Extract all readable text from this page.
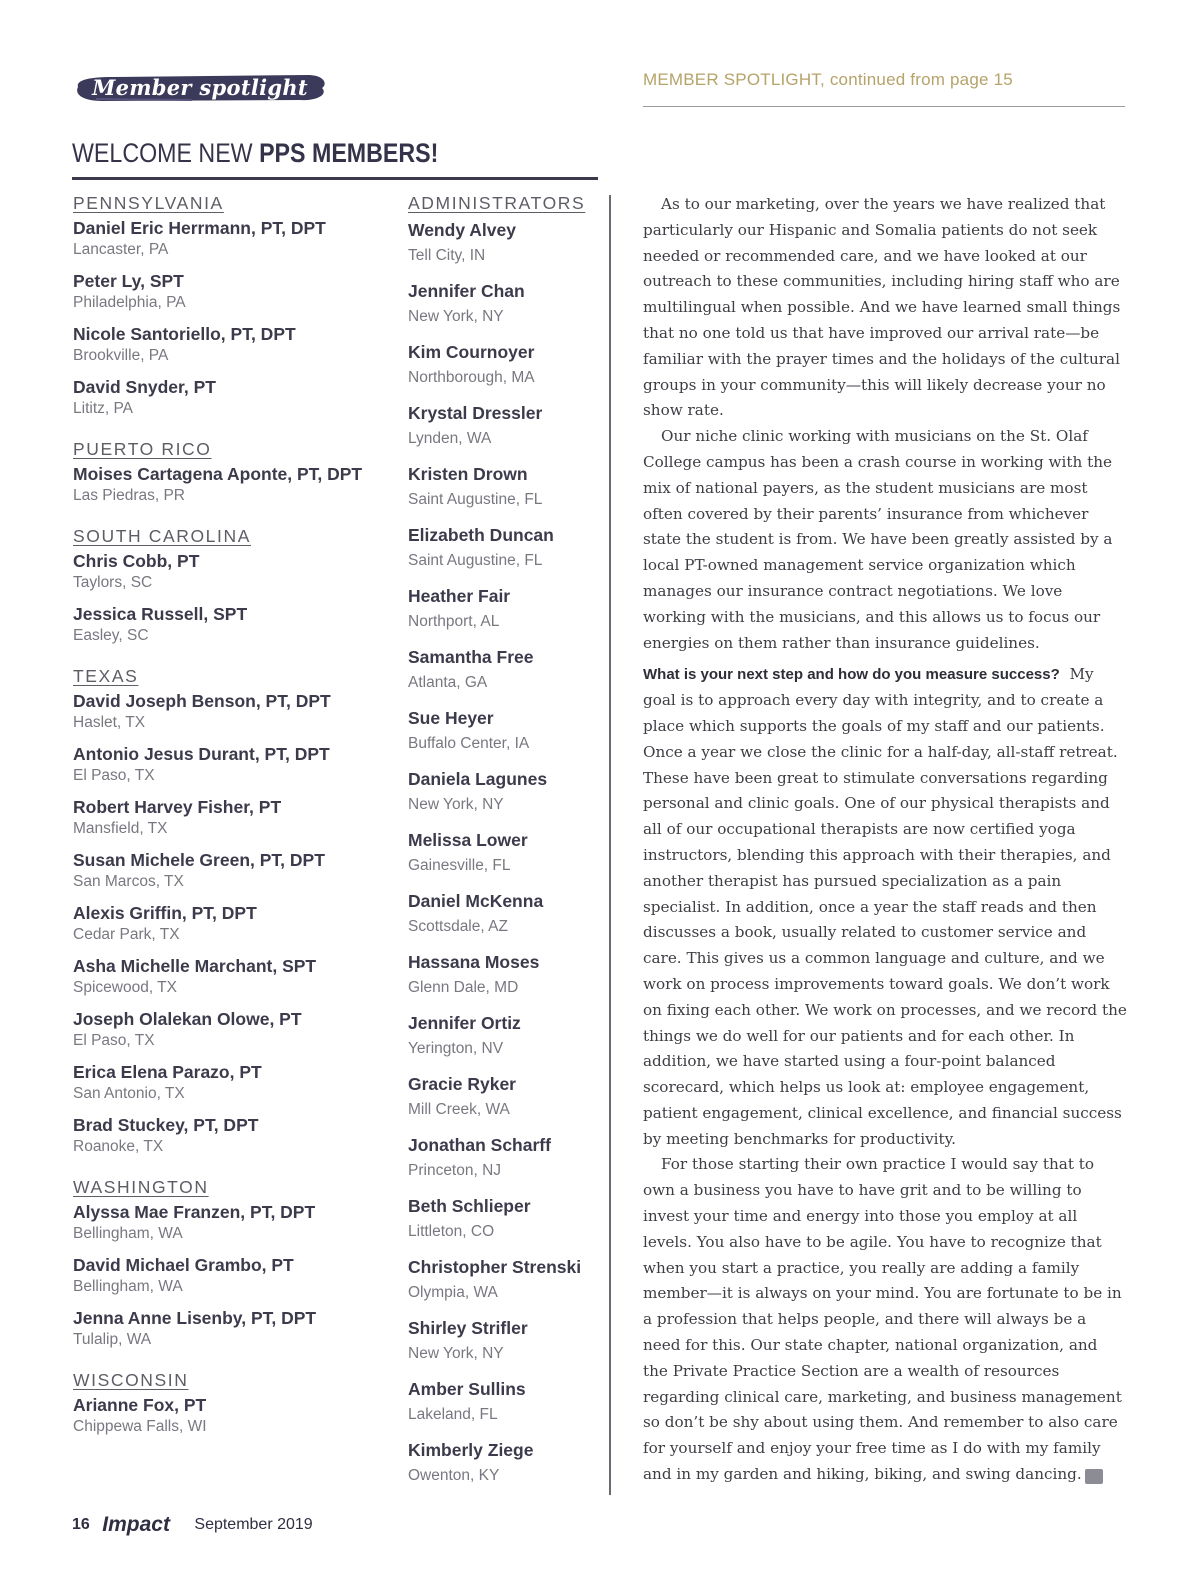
Member spotlight	MEMBER SPOTLIGHT, continued from page 15
WELCOME NEW PPS MEMBERS!
PENNSYLVANIA
Daniel Eric Herrmann, PT, DPT
Lancaster, PA
Peter Ly, SPT
Philadelphia, PA
Nicole Santoriello, PT, DPT
Brookville, PA
David Snyder, PT
Lititz, PA
PUERTO RICO
Moises Cartagena Aponte, PT, DPT
Las Piedras, PR
SOUTH CAROLINA
Chris Cobb, PT
Taylors, SC
Jessica Russell, SPT
Easley, SC
TEXAS
David Joseph Benson, PT, DPT
Haslet, TX
Antonio Jesus Durant, PT, DPT
El Paso, TX
Robert Harvey Fisher, PT
Mansfield, TX
Susan Michele Green, PT, DPT
San Marcos, TX
Alexis Griffin, PT, DPT
Cedar Park, TX
Asha Michelle Marchant, SPT
Spicewood, TX
Joseph Olalekan Olowe, PT
El Paso, TX
Erica Elena Parazo, PT
San Antonio, TX
Brad Stuckey, PT, DPT
Roanoke, TX
WASHINGTON
Alyssa Mae Franzen, PT, DPT
Bellingham, WA
David Michael Grambo, PT
Bellingham, WA
Jenna Anne Lisenby, PT, DPT
Tulalip, WA
WISCONSIN
Arianne Fox, PT
Chippewa Falls, WI
ADMINISTRATORS
Wendy Alvey
Tell City, IN
Jennifer Chan
New York, NY
Kim Cournoyer
Northborough, MA
Krystal Dressler
Lynden, WA
Kristen Drown
Saint Augustine, FL
Elizabeth Duncan
Saint Augustine, FL
Heather Fair
Northport, AL
Samantha Free
Atlanta, GA
Sue Heyer
Buffalo Center, IA
Daniela Lagunes
New York, NY
Melissa Lower
Gainesville, FL
Daniel McKenna
Scottsdale, AZ
Hassana Moses
Glenn Dale, MD
Jennifer Ortiz
Yerington, NV
Gracie Ryker
Mill Creek, WA
Jonathan Scharff
Princeton, NJ
Beth Schlieper
Littleton, CO
Christopher Strenski
Olympia, WA
Shirley Strifler
New York, NY
Amber Sullins
Lakeland, FL
Kimberly Ziege
Owenton, KY

As to our marketing, over the years we have realized that particularly our Hispanic and Somalia patients do not seek needed or recommended care, and we have looked at our outreach to these communities, including hiring staff who are multilingual when possible. And we have learned small things that no one told us that have improved our arrival rate—be familiar with the prayer times and the holidays of the cultural groups in your community—this will likely decrease your no show rate.

Our niche clinic working with musicians on the St. Olaf College campus has been a crash course in working with the mix of national payers, as the student musicians are most often covered by their parents’ insurance from whichever state the student is from. We have been greatly assisted by a local PT-owned management service organization which manages our insurance contract negotiations. We love working with the musicians, and this allows us to focus our energies on them rather than insurance guidelines.

What is your next step and how do you measure success? My goal is to approach every day with integrity, and to create a place which supports the goals of my staff and our patients. Once a year we close the clinic for a half-day, all-staff retreat. These have been great to stimulate conversations regarding personal and clinic goals. One of our physical therapists and all of our occupational therapists are now certified yoga instructors, blending this approach with their therapies, and another therapist has pursued specialization as a pain specialist. In addition, once a year the staff reads and then discusses a book, usually related to customer service and care. This gives us a common language and culture, and we work on process improvements toward goals. We don’t work on fixing each other. We work on processes, and we record the things we do well for our patients and for each other. In addition, we have started using a four-point balanced scorecard, which helps us look at: employee engagement, patient engagement, clinical excellence, and financial success by meeting benchmarks for productivity.

For those starting their own practice I would say that to own a business you have to have grit and to be willing to invest your time and energy into those you employ at all levels. You also have to be agile. You have to recognize that when you start a practice, you really are adding a family member—it is always on your mind. You are fortunate to be in a profession that helps people, and there will always be a need for this. Our state chapter, national organization, and the Private Practice Section are a wealth of resources regarding clinical care, marketing, and business management so don’t be shy about using them. And remember to also care for yourself and enjoy your free time as I do with my family and in my garden and hiking, biking, and swing dancing. I

16 Impact September 2019
